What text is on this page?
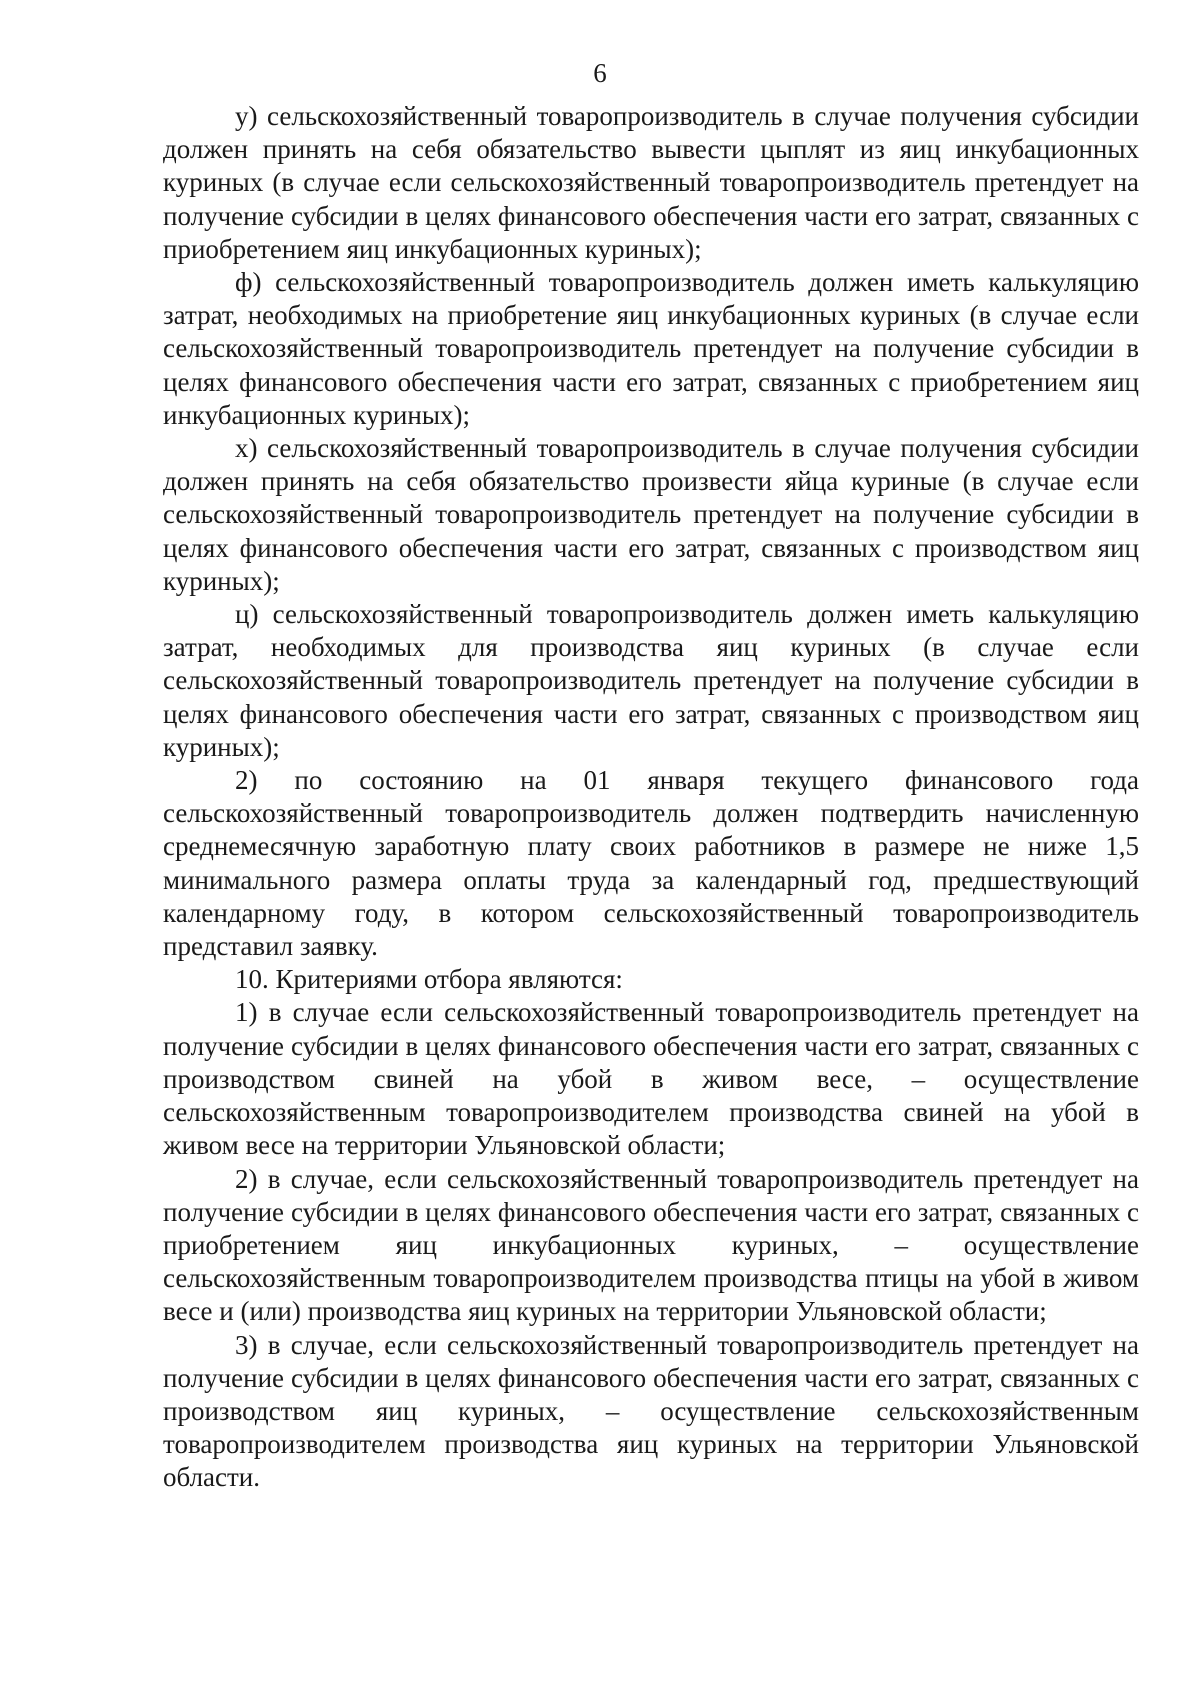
6

у) сельскохозяйственный товаропроизводитель в случае получения субсидии должен принять на себя обязательство вывести цыплят из яиц инкубационных куриных (в случае если сельскохозяйственный товаропроизводитель претендует на получение субсидии в целях финансового обеспечения части его затрат, связанных с приобретением яиц инкубационных куриных);

ф) сельскохозяйственный товаропроизводитель должен иметь калькуляцию затрат, необходимых на приобретение яиц инкубационных куриных (в случае если сельскохозяйственный товаропроизводитель претендует на получение субсидии в целях финансового обеспечения части его затрат, связанных с приобретением яиц инкубационных куриных);

х) сельскохозяйственный товаропроизводитель в случае получения субсидии должен принять на себя обязательство произвести яйца куриные (в случае если сельскохозяйственный товаропроизводитель претендует на получение субсидии в целях финансового обеспечения части его затрат, связанных с производством яиц куриных);

ц) сельскохозяйственный товаропроизводитель должен иметь калькуляцию затрат, необходимых для производства яиц куриных (в случае если сельскохозяйственный товаропроизводитель претендует на получение субсидии в целях финансового обеспечения части его затрат, связанных с производством яиц куриных);

2) по состоянию на 01 января текущего финансового года сельскохозяйственный товаропроизводитель должен подтвердить начисленную среднемесячную заработную плату своих работников в размере не ниже 1,5 минимального размера оплаты труда за календарный год, предшествующий календарному году, в котором сельскохозяйственный товаропроизводитель представил заявку.

10. Критериями отбора являются:

1) в случае если сельскохозяйственный товаропроизводитель претендует на получение субсидии в целях финансового обеспечения части его затрат, связанных с производством свиней на убой в живом весе, – осуществление сельскохозяйственным товаропроизводителем производства свиней на убой в живом весе на территории Ульяновской области;

2) в случае, если сельскохозяйственный товаропроизводитель претендует на получение субсидии в целях финансового обеспечения части его затрат, связанных с приобретением яиц инкубационных куриных, – осуществление сельскохозяйственным товаропроизводителем производства птицы на убой в живом весе и (или) производства яиц куриных на территории Ульяновской области;

3) в случае, если сельскохозяйственный товаропроизводитель претендует на получение субсидии в целях финансового обеспечения части его затрат, связанных с производством яиц куриных, – осуществление сельскохозяйственным товаропроизводителем производства яиц куриных на территории Ульяновской области.
